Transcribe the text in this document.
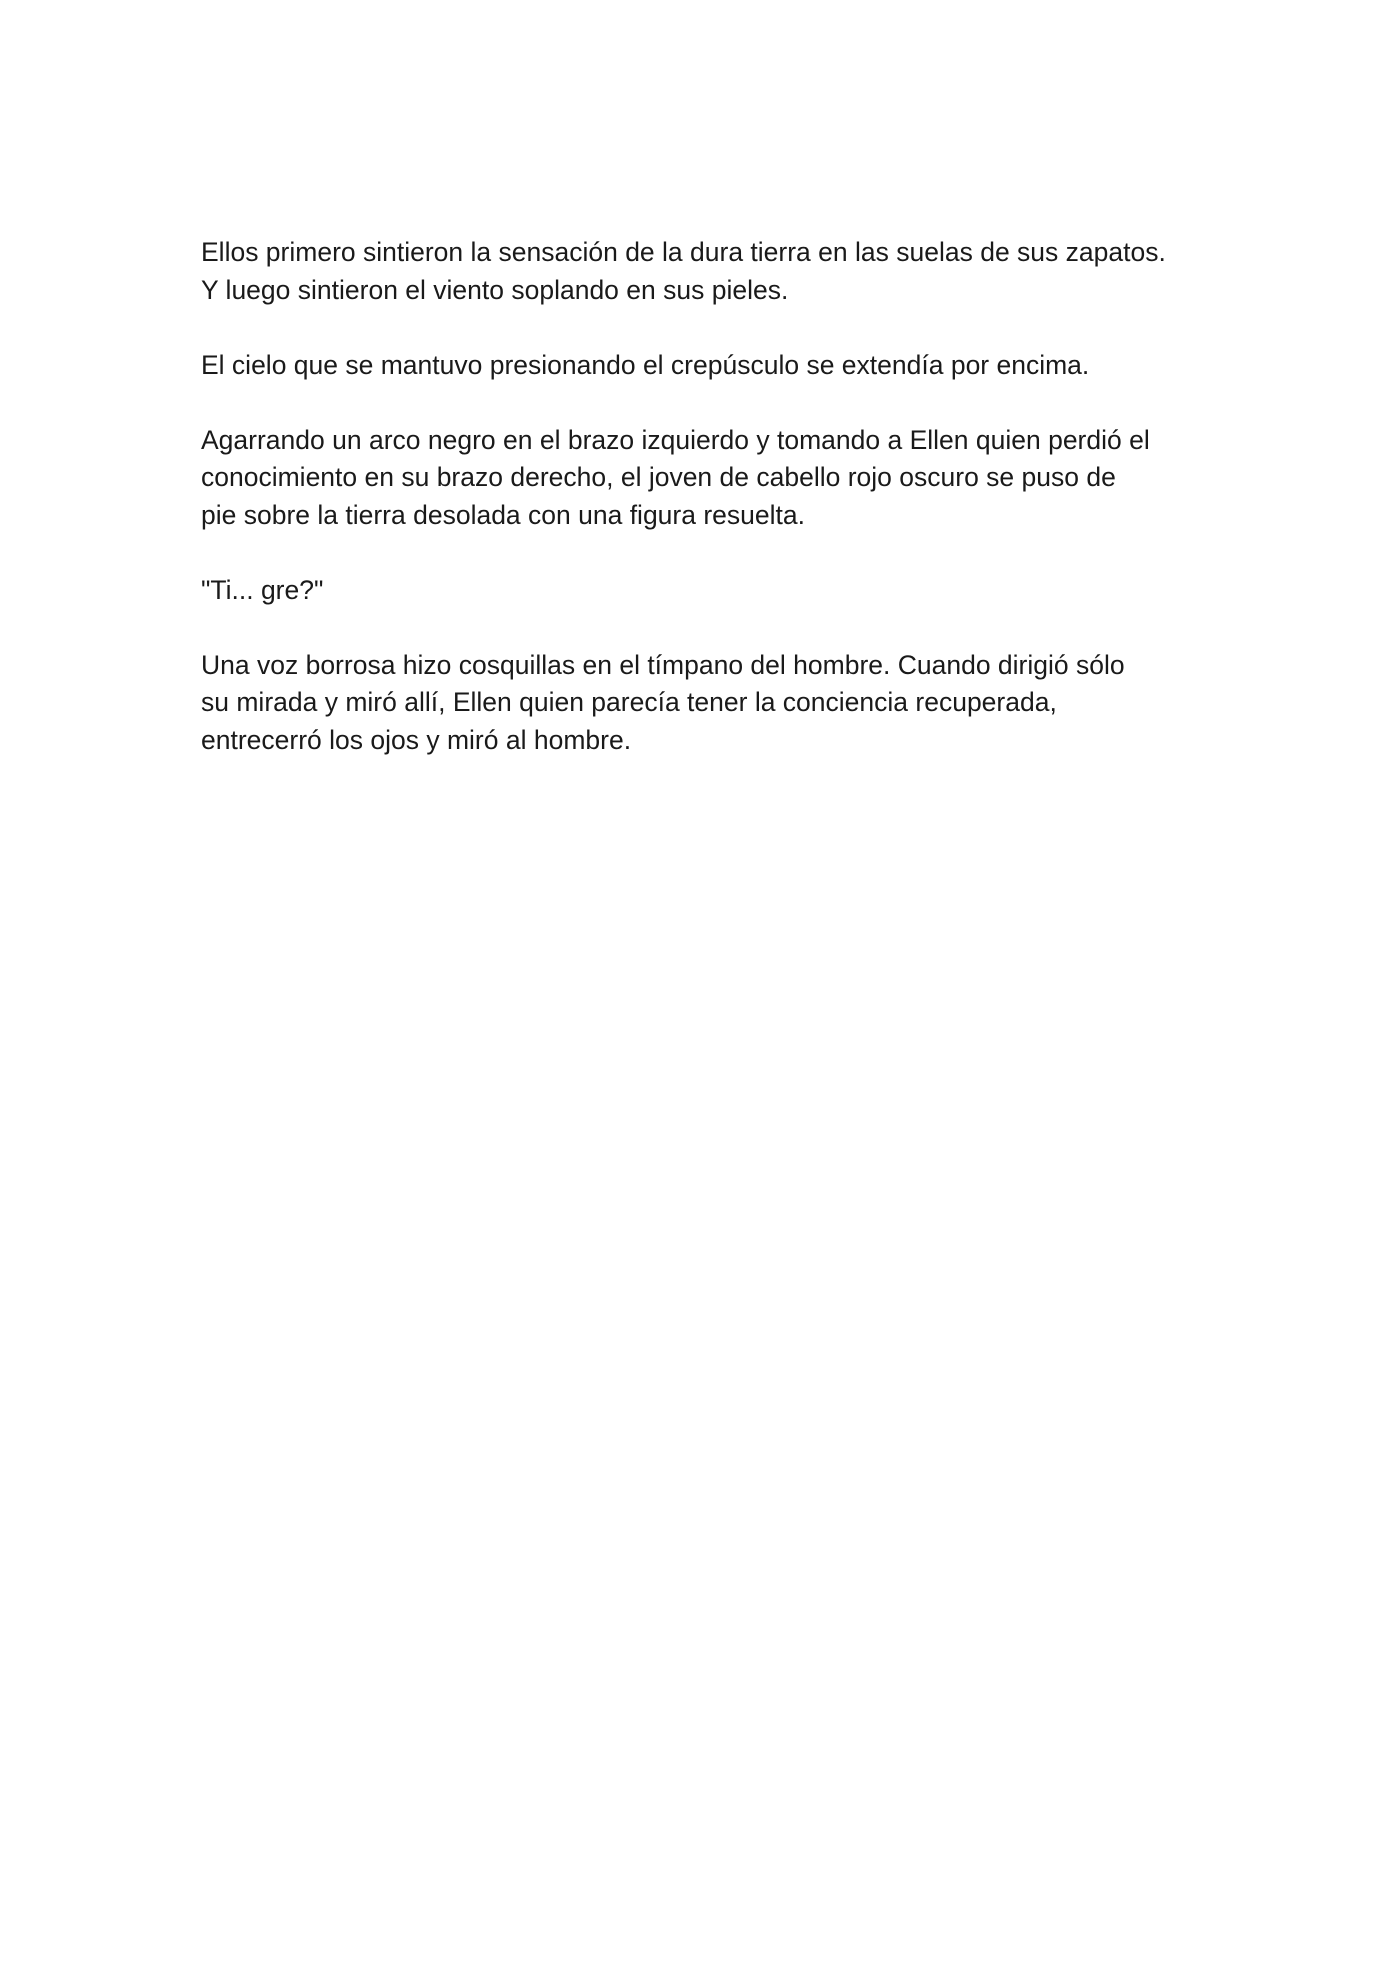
Ellos primero sintieron la sensación de la dura tierra en las suelas de sus zapatos.
Y luego sintieron el viento soplando en sus pieles.

El cielo que se mantuvo presionando el crepúsculo se extendía por encima.

Agarrando un arco negro en el brazo izquierdo y tomando a Ellen quien perdió el
conocimiento en su brazo derecho, el joven de cabello rojo oscuro se puso de
pie sobre la tierra desolada con una figura resuelta.

"Ti... gre?"

Una voz borrosa hizo cosquillas en el tímpano del hombre. Cuando dirigió sólo
su mirada y miró allí, Ellen quien parecía tener la conciencia recuperada,
entrecerró los ojos y miró al hombre.
